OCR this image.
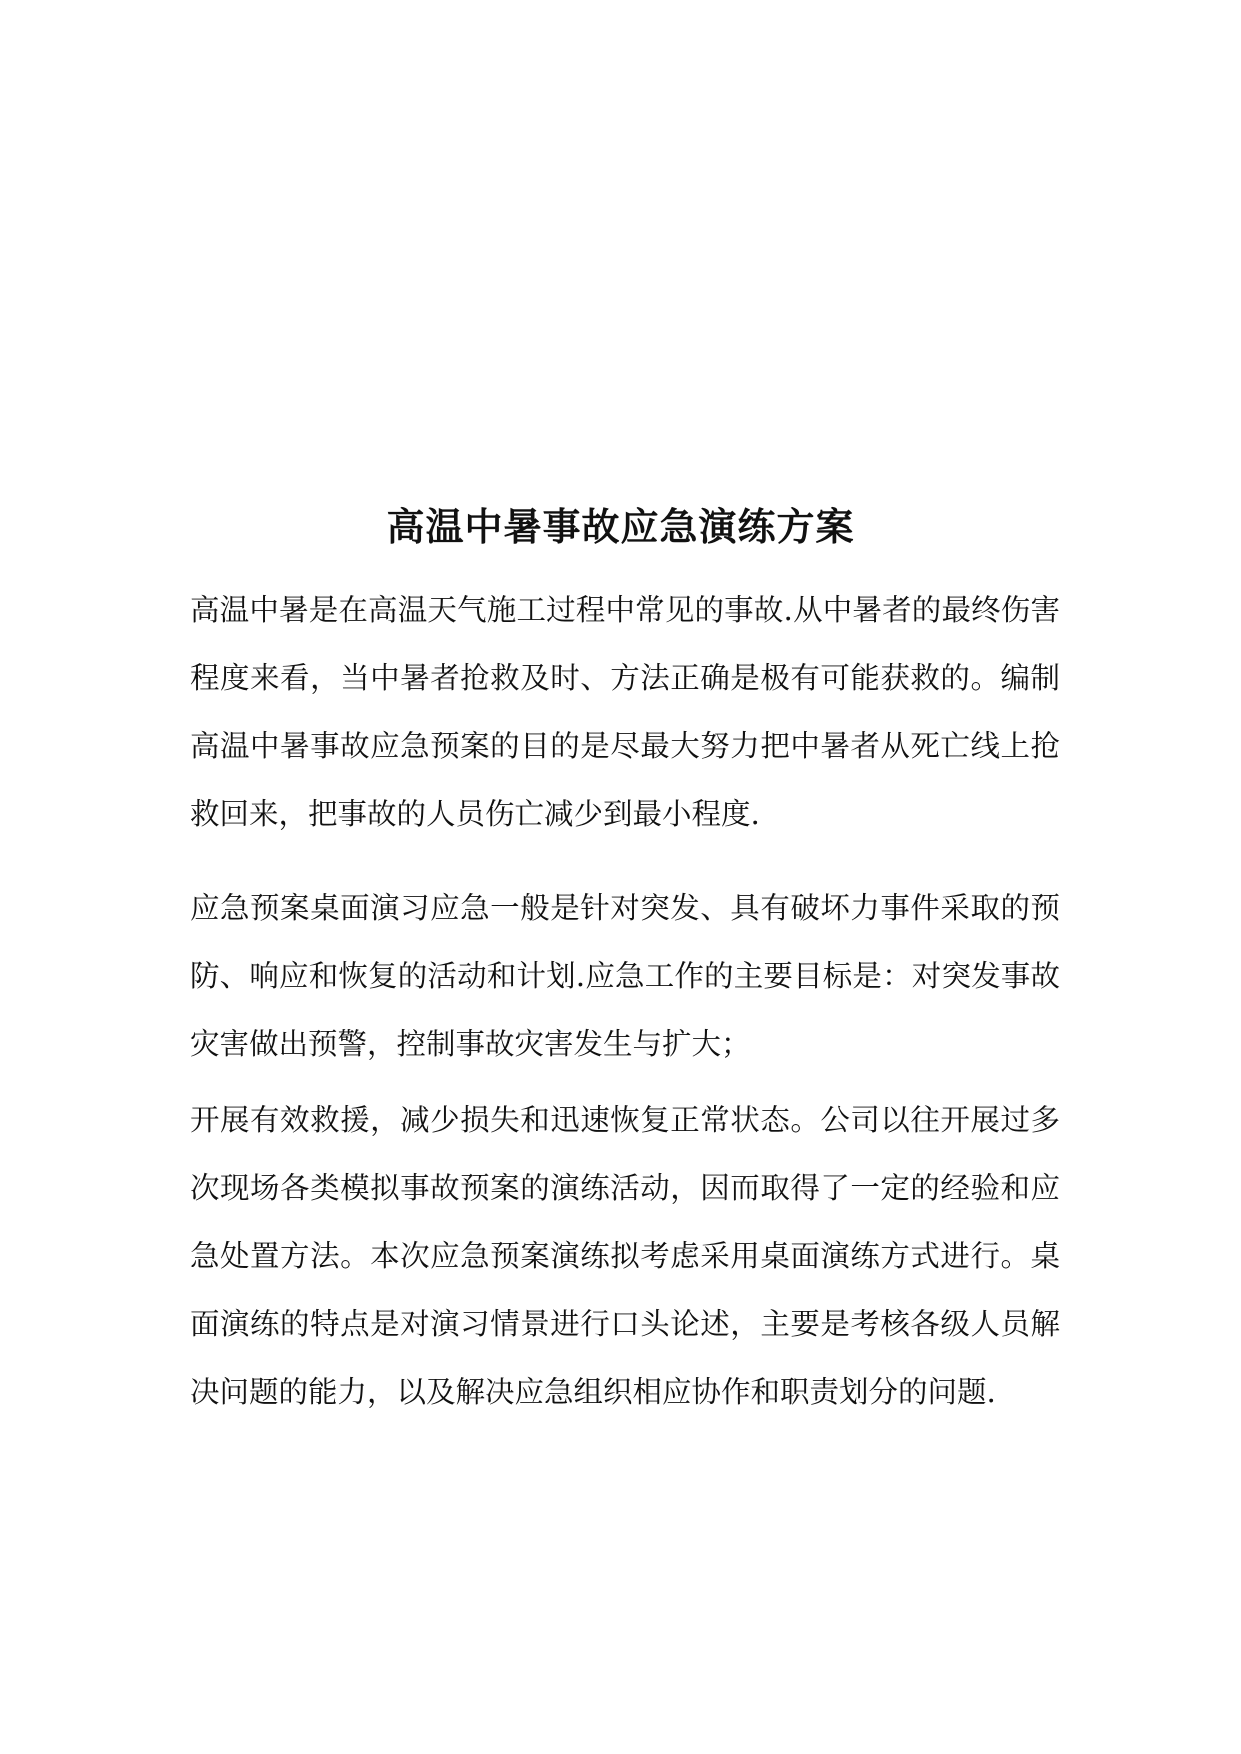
高温中暑事故应急演练方案

高温中暑是在高温天气施工过程中常见的事故.从中暑者的最终伤害程度来看，当中暑者抢救及时、方法正确是极有可能获救的。编制高温中暑事故应急预案的目的是尽最大努力把中暑者从死亡线上抢救回来，把事故的人员伤亡减少到最小程度.

应急预案桌面演习应急一般是针对突发、具有破坏力事件采取的预防、响应和恢复的活动和计划.应急工作的主要目标是：对突发事故灾害做出预警，控制事故灾害发生与扩大；

开展有效救援，减少损失和迅速恢复正常状态。公司以往开展过多次现场各类模拟事故预案的演练活动，因而取得了一定的经验和应急处置方法。本次应急预案演练拟考虑采用桌面演练方式进行。桌面演练的特点是对演习情景进行口头论述，主要是考核各级人员解决问题的能力，以及解决应急组织相应协作和职责划分的问题.
